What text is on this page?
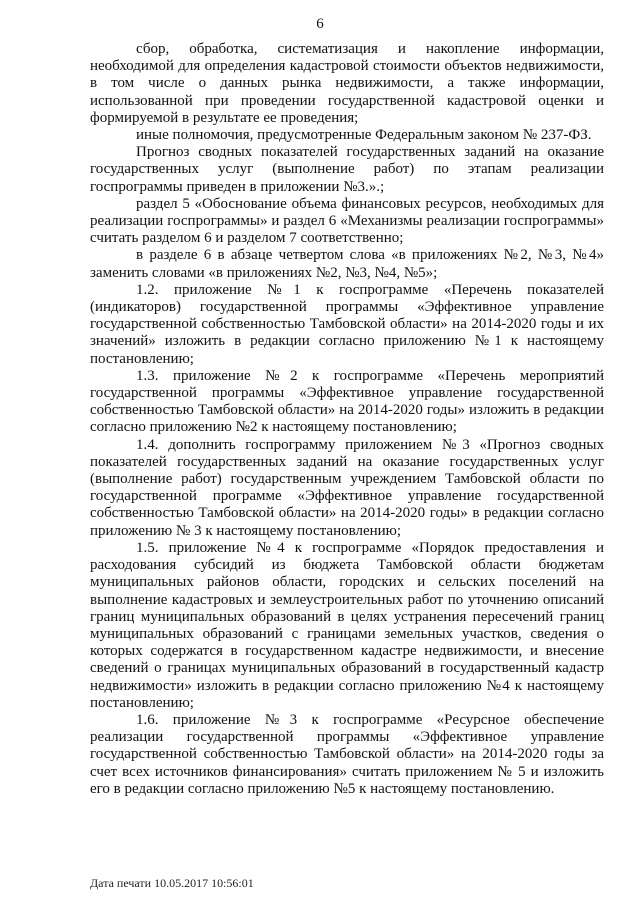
6

сбор, обработка, систематизация и накопление информации, необходимой для определения кадастровой стоимости объектов недвижимости, в том числе о данных рынка недвижимости, а также информации, использованной при проведении государственной кадастровой оценки и формируемой в результате ее проведения;

иные полномочия, предусмотренные Федеральным законом № 237-ФЗ.

Прогноз сводных показателей государственных заданий на оказание государственных услуг (выполнение работ) по этапам реализации госпрограммы приведен в приложении №3.».;

раздел 5 «Обоснование объема финансовых ресурсов, необходимых для реализации госпрограммы» и раздел 6 «Механизмы реализации госпрограммы» считать разделом 6 и разделом 7 соответственно;

в разделе 6 в абзаце четвертом слова «в приложениях №2, №3, №4» заменить словами «в приложениях №2, №3, №4, №5»;

1.2. приложение №1 к госпрограмме «Перечень показателей (индикаторов) государственной программы «Эффективное управление государственной собственностью Тамбовской области» на 2014-2020 годы и их значений» изложить в редакции согласно приложению №1 к настоящему постановлению;

1.3. приложение №2 к госпрограмме «Перечень мероприятий государственной программы «Эффективное управление государственной собственностью Тамбовской области» на 2014-2020 годы» изложить в редакции согласно приложению №2 к настоящему постановлению;

1.4. дополнить госпрограмму приложением №3 «Прогноз сводных показателей государственных заданий на оказание государственных услуг (выполнение работ) государственным учреждением Тамбовской области по государственной программе «Эффективное управление государственной собственностью Тамбовской области» на 2014-2020 годы» в редакции согласно приложению № 3 к настоящему постановлению;

1.5. приложение №4 к госпрограмме «Порядок предоставления и расходования субсидий из бюджета Тамбовской области бюджетам муниципальных районов области, городских и сельских поселений на выполнение кадастровых и землеустроительных работ по уточнению описаний границ муниципальных образований в целях устранения пересечений границ муниципальных образований с границами земельных участков, сведения о которых содержатся в государственном кадастре недвижимости, и внесение сведений о границах муниципальных образований в государственный кадастр недвижимости» изложить в редакции согласно приложению №4 к настоящему постановлению;

1.6. приложение №3 к госпрограмме «Ресурсное обеспечение реализации государственной программы «Эффективное управление государственной собственностью Тамбовской области» на 2014-2020 годы за счет всех источников финансирования» считать приложением № 5 и изложить его в редакции согласно приложению №5 к настоящему постановлению.

Дата печати 10.05.2017 10:56:01
